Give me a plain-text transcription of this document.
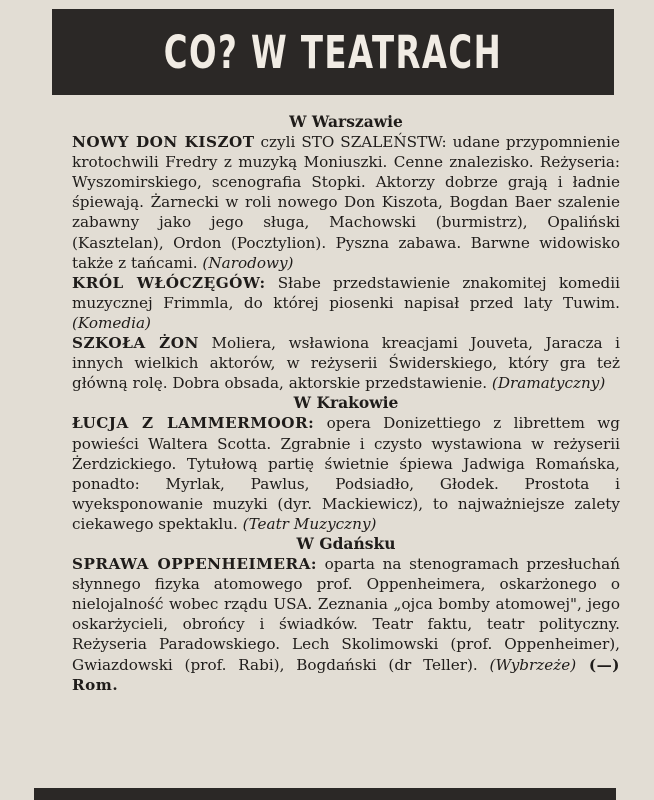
CO? W TEATRACH

W Warszawie

NOWY DON KISZOT czyli STO SZALEŃSTW: udane przypomnienie krotochwili Fredry z muzyką Moniuszki. Cenne znalezisko. Reżyseria: Wyszomirskiego, scenografia Stopki. Aktorzy dobrze grają i ładnie śpiewają. Żarnecki w roli nowego Don Kiszota, Bogdan Baer szalenie zabawny jako jego sługa, Machowski (burmistrz), Opaliński (Kasztelan), Ordon (Pocztylion). Pyszna zabawa. Barwne widowisko także z tańcami. (Narodowy)

KRÓL WŁÓCZĘGÓW: Słabe przedstawienie znakomitej komedii muzycznej Frimmla, do której piosenki napisał przed laty Tuwim. (Komedia)

SZKOŁA ŻON Moliera, wsławiona kreacjami Jouveta, Jaracza i innych wielkich aktorów, w reżyserii Świderskiego, który gra też główną rolę. Dobra obsada, aktorskie przedstawienie. (Dramatyczny)

W Krakowie

ŁUCJA Z LAMMERMOOR: opera Donizettiego z librettem wg powieści Waltera Scotta. Zgrabnie i czysto wystawiona w reżyserii Żerdzickiego. Tytułową partię świetnie śpiewa Jadwiga Romańska, ponadto: Myrlak, Pawlus, Podsiadło, Głodek. Prostota i wyeksponowanie muzyki (dyr. Mackiewicz), to najważniejsze zalety ciekawego spektaklu. (Teatr Muzyczny)

W Gdańsku

SPRAWA OPPENHEIMERA: oparta na stenogramach przesłuchań słynnego fizyka atomowego prof. Oppenheimera, oskarżonego o nielojalność wobec rządu USA. Zeznania „ojca bomby atomowej", jego oskarżycieli, obrońcy i świadków. Teatr faktu, teatr polityczny. Reżyseria Paradowskiego. Lech Skolimowski (prof. Oppenheimer), Gwiazdowski (prof. Rabi), Bogdański (dr Teller). (Wybrzeże) (—) Rom.
